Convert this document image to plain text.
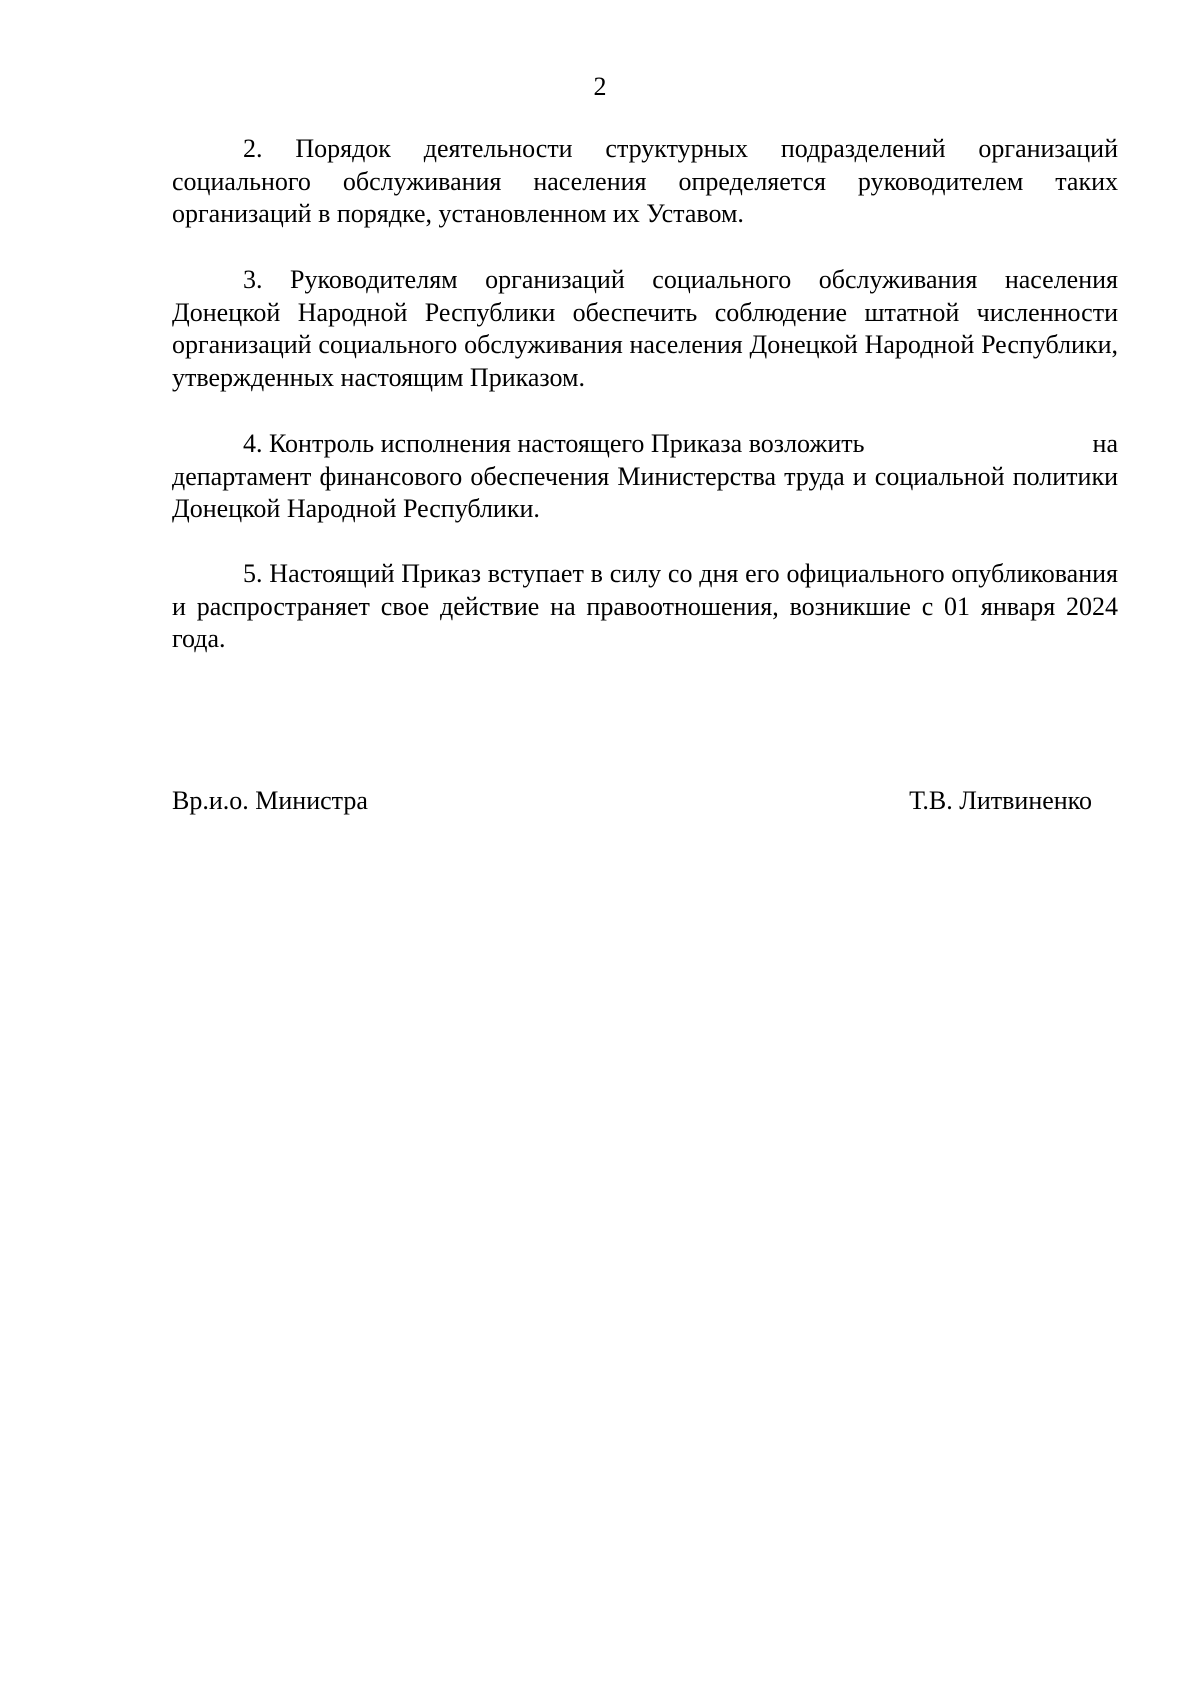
2

2. Порядок деятельности структурных подразделений организаций социального обслуживания населения определяется руководителем таких организаций в порядке, установленном их Уставом.

3. Руководителям организаций социального обслуживания населения Донецкой Народной Республики обеспечить соблюдение штатной численности организаций социального обслуживания населения Донецкой Народной Республики, утвержденных настоящим Приказом.

4. Контроль исполнения настоящего Приказа возложить	на

департамент финансового обеспечения Министерства труда и социальной политики Донецкой Народной Республики.

5. Настоящий Приказ вступает в силу со дня его официального опубликования и распространяет свое действие на правоотношения, возникшие с 01 января 2024 года.

Вр.и.о. Министра	Т.В. Литвиненко
